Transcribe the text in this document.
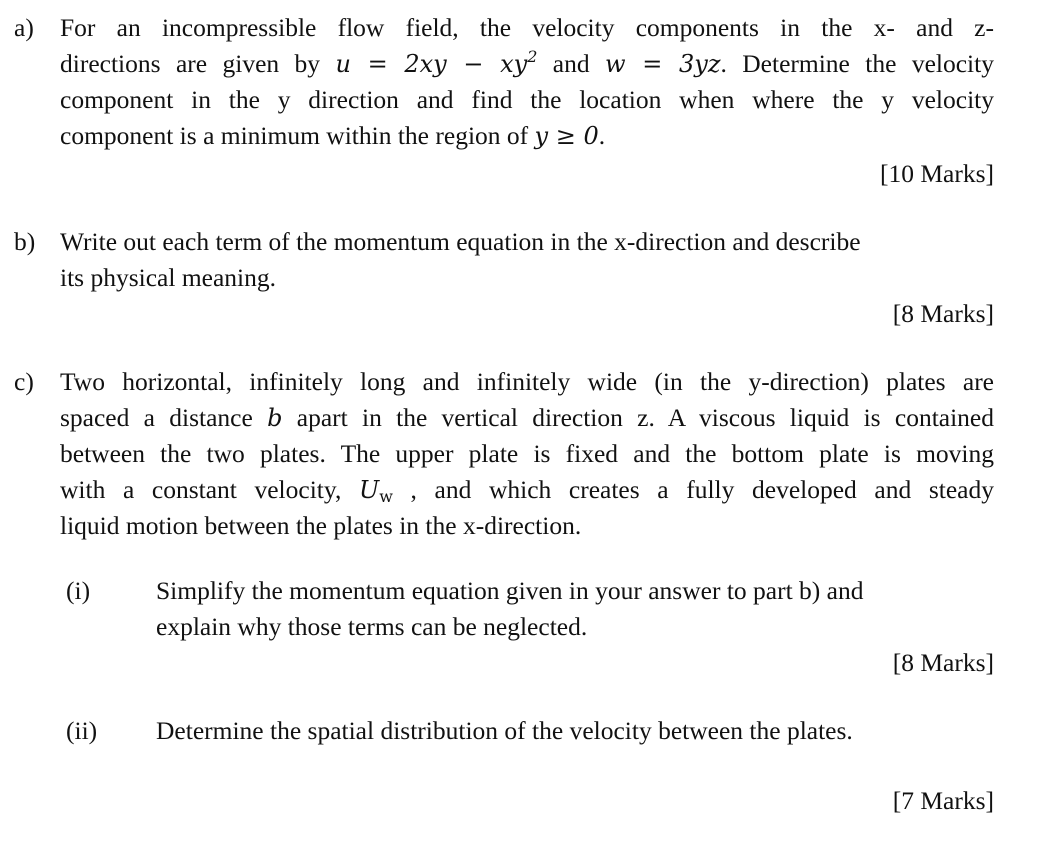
a)	For an incompressible flow field, the velocity components in the x- and z-
directions are given by $u = 2xy - xy^2$ and w = 3yz. Determine the velocity
component in the y direction and find the location when where the y velocity
component is a minimum within the region of y ≥ 0.
[10 Marks]
b) Write out each term of the momentum equation in the x-direction and describe
its physical meaning.
[8 Marks]
c)	Two horizontal, infinitely long and infinitely wide (in the y-direction) plates are
spaced a distance b apart in the vertical direction z. A viscous liquid is contained
between the two plates. The upper plate is fixed and the bottom plate is moving
with a constant velocity, $U_w$ , and which creates a fully developed and steady
liquid motion between the plates in the x-direction.
(i)	Simplify the momentum equation given in your answer to part b) and
explain why those terms can be neglected.
[8 Marks]
(ii) Determine the spatial distribution of the velocity between the plates.
[7 Marks]
